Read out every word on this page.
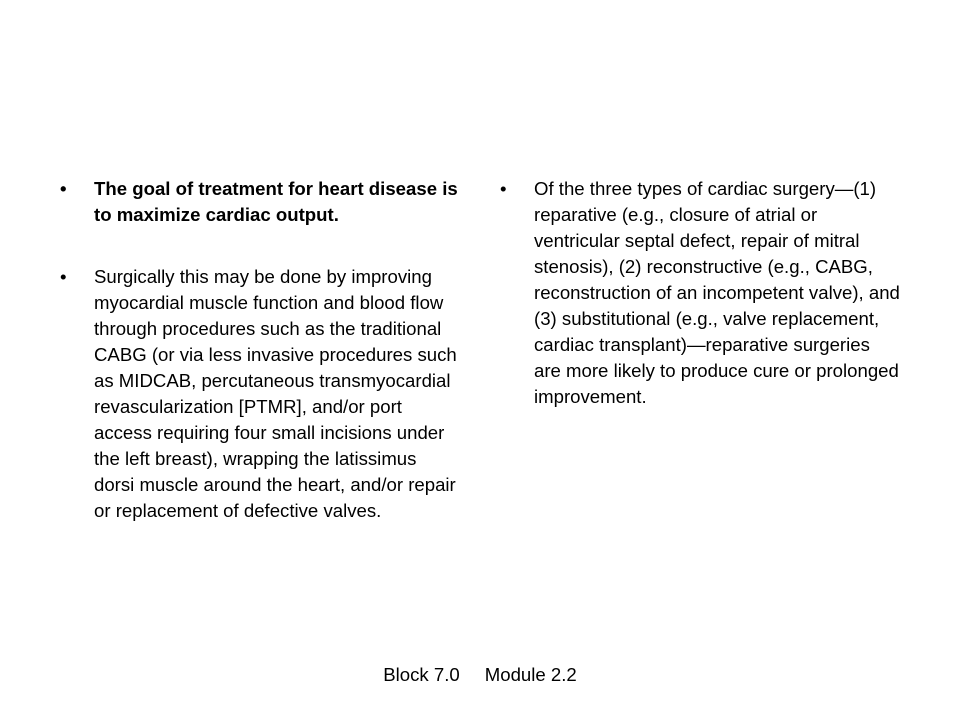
• The goal of treatment for heart disease is to maximize cardiac output.
• Surgically this may be done by improving myocardial muscle function and blood flow through procedures such as the traditional CABG (or via less invasive procedures such as MIDCAB, percutaneous transmyocardial revascularization [PTMR], and/or port access requiring four small incisions under the left breast), wrapping the latissimus dorsi muscle around the heart, and/or repair or replacement of defective valves.
• Of the three types of cardiac surgery—(1) reparative (e.g., closure of atrial or ventricular septal defect, repair of mitral stenosis), (2) reconstructive (e.g., CABG, reconstruction of an incompetent valve), and (3) substitutional (e.g., valve replacement, cardiac transplant)—reparative surgeries are more likely to produce cure or prolonged improvement.
Block 7.0 Module 2.2
